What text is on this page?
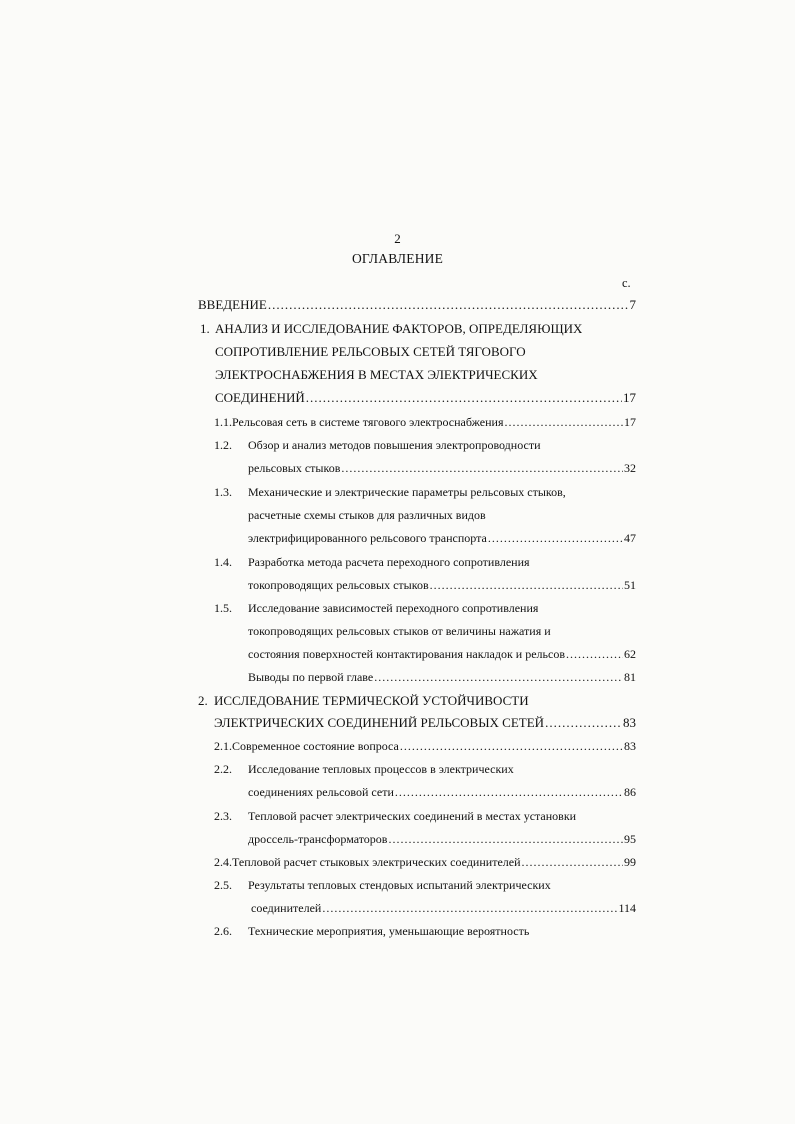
2
ОГЛАВЛЕНИЕ
с.
ВВЕДЕНИЕ .....	7
1. АНАЛИЗ И ИССЛЕДОВАНИЕ ФАКТОРОВ, ОПРЕДЕЛЯЮЩИХ
СОПРОТИВЛЕНИЕ РЕЛЬСОВЫХ СЕТЕЙ ТЯГОВОГО
ЭЛЕКТРОСНАБЖЕНИЯ В МЕСТАХ ЭЛЕКТРИЧЕСКИХ
СОЕДИНЕНИЙ .....	17
1.1. Рельсовая сеть в системе тягового электроснабжения .....	17
1.2.	Обзор и анализ методов повышения электропроводности
рельсовых стыков .....	32
1.3.	Механические и электрические параметры рельсовых стыков,
расчетные схемы стыков для различных видов
электрифицированного рельсового транспорта .....	47
1.4.	Разработка метода расчета переходного сопротивления
токопроводящих рельсовых стыков .....	51
1.5.	Исследование зависимостей переходного сопротивления
токопроводящих рельсовых стыков от величины нажатия и
состояния поверхностей контактирования накладок и рельсов .....	62
Выводы по первой главе .....	81
2. ИССЛЕДОВАНИЕ ТЕРМИЧЕСКОЙ УСТОЙЧИВОСТИ
ЭЛЕКТРИЧЕСКИХ СОЕДИНЕНИЙ РЕЛЬСОВЫХ СЕТЕЙ .....	83
2.1. Современное состояние вопроса .....	83
2.2.	Исследование тепловых процессов в электрических
соединениях рельсовой сети .....	86
2.3.	Тепловой расчет электрических соединений в местах установки
дроссель-трансформаторов .....	95
2.4. Тепловой расчет стыковых электрических соединителей .....	99
2.5.	Результаты тепловых стендовых испытаний электрических
соединителей .....	114
2.6.	Технические мероприятия, уменьшающие вероятность
